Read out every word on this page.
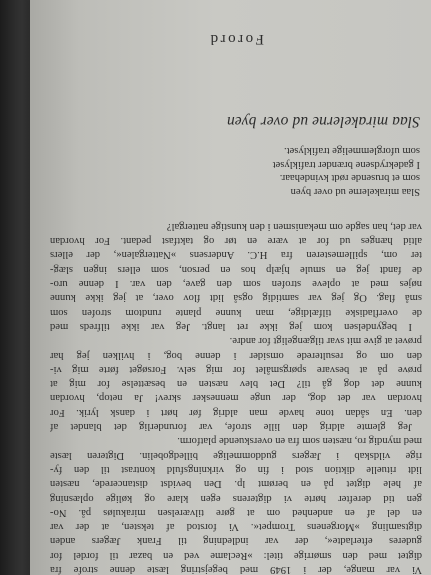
Vi var mange, der i 1949 med begejstring læste denne strofe fra
digtet med den smørrige titel: »Reclame ved en bazar til fordel for
guderes efterladte«, der var indledning til Frank Jægers anden
digtsamling »Morgenens Trompet«. Vi forstod af teksten, at der var
en del af en andenhed om at gøre tilværelsen mirakuløs på. No-
gen tid derefter hørte vi digterens egen klare og kølige oplæsning
af hele digtet på en berømt lp. Den bevidst distancerede, næsten
lidt rituelle diktion stod i fin og virkningsfuld kontrast til den fy-
rige vildskab i Jægers guddommelige billedgobelin. Digteren læste
med myndig ro, næsten som fra en overskuende platform.
Jeg glemte aldrig den lille strofe, var forunderlig det blandet af
den. En sådan tone havde man aldrig før hørt i dansk lyrik. For
hvordan var det dog, der unge mennesker skrev! Ja netop, hvordan
kunne det dog gå til? Det blev næsten en besættelse for mig at
prøve på at besvare spørgsmålet for mig selv. Forsøget førte mig vi-
den om og resulterede omsider i denne bog, i hvilken jeg har
prøvet at give mit svar tilgængeligt for andre.
I begyndelsen kom jeg ikke ret langt. Jeg var ikke tilfreds med
de overfladiske tilfældige, man kunne plante rundtom strofen som
små flag. Og jeg var samtidig også lidt flov over, at jeg ikke kunne
nøjes med at opleve strofen som den gave, den var. I denne uro-
de fandt jeg en smule hjælp hos en person, som ellers ingen slæg-
ter om, spillemesteren fra H.C. Andersens »Nattergalen«, der ellers
altid hænges ud for at være en tør og taktfast pedant. For hvordan
var det, han sagde om mekanismen i den kunstige nattergal?
Forord
Slaa mirakelerne ud over byen
Slaa mirakelerne ud over byen
som et brusende rødt kvindehaar.
I gadekrydsene brænder trafiklyset
som uforglemmelige trafiklyset.
